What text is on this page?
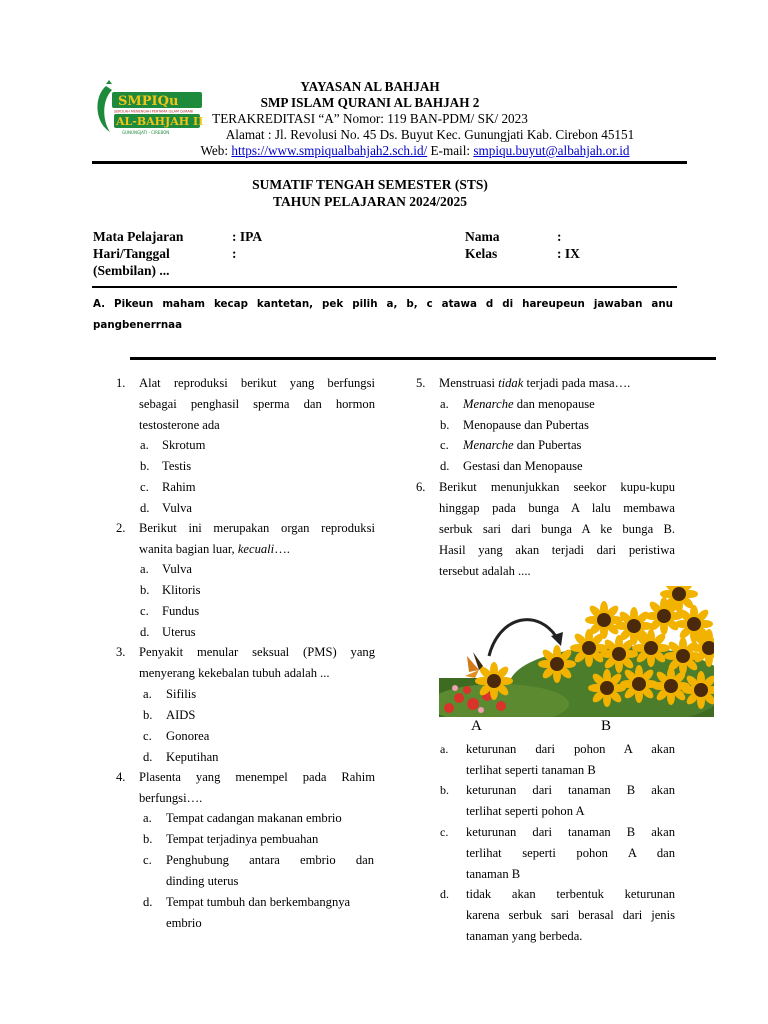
SMPIQu
AL-BAHJAH II
SEKOLAH MENENGAH PERTAMA ISLAM QURANI
GUNUNGJATI - CIREBON
YAYASAN AL BAHJAH
SMP ISLAM QURANI AL BAHJAH 2
TERAKREDITASI “A” Nomor: 119 BAN-PDM/ SK/ 2023
Alamat : Jl. Revolusi No. 45 Ds. Buyut Kec. Gunungjati Kab. Cirebon 45151
Web: https://www.smpiqualbahjah2.sch.id/ E-mail: smpiqu.buyut@albahjah.or.id
SUMATIF TENGAH SEMESTER (STS)
TAHUN PELAJARAN 2024/2025
Mata Pelajaran	: IPA	Nama	:
Hari/Tanggal	:	Kelas	: IX
(Sembilan) ...
A. Pikeun maham kecap kantetan, pek pilih a, b, c atawa d di hareupeun jawaban anu pangbenerrnaa
1. Alat reproduksi berikut yang berfungsi
sebagai penghasil sperma dan hormon
testosterone ada
a. Skrotum
b. Testis
c. Rahim
d. Vulva
2. Berikut ini merupakan organ reproduksi
wanita bagian luar, kecuali….
a. Vulva
b. Klitoris
c. Fundus
d. Uterus
3. Penyakit menular seksual (PMS) yang
menyerang kekebalan tubuh adalah ...
a. Sifilis
b. AIDS
c. Gonorea
d. Keputihan
4. Plasenta yang menempel pada Rahim
berfungsi….
a. Tempat cadangan makanan embrio
b. Tempat terjadinya pembuahan
c. Penghubung antara embrio dan
dinding uterus
d. Tempat tumbuh dan berkembangnya
embrio
5. Menstruasi tidak terjadi pada masa….
a. Menarche dan menopause
b. Menopause dan Pubertas
c. Menarche dan Pubertas
d. Gestasi dan Menopause
6. Berikut menunjukkan seekor kupu-kupu
hinggap pada bunga A lalu membawa
serbuk sari dari bunga A ke bunga B.
Hasil yang akan terjadi dari peristiwa
tersebut adalah ....
A	B
a. keturunan dari pohon A akan
terlihat seperti tanaman B
b. keturunan dari tanaman B akan
terlihat seperti pohon A
c. keturunan dari tanaman B akan
terlihat seperti pohon A dan
tanaman B
d. tidak akan terbentuk keturunan
karena serbuk sari berasal dari jenis
tanaman yang berbeda.
